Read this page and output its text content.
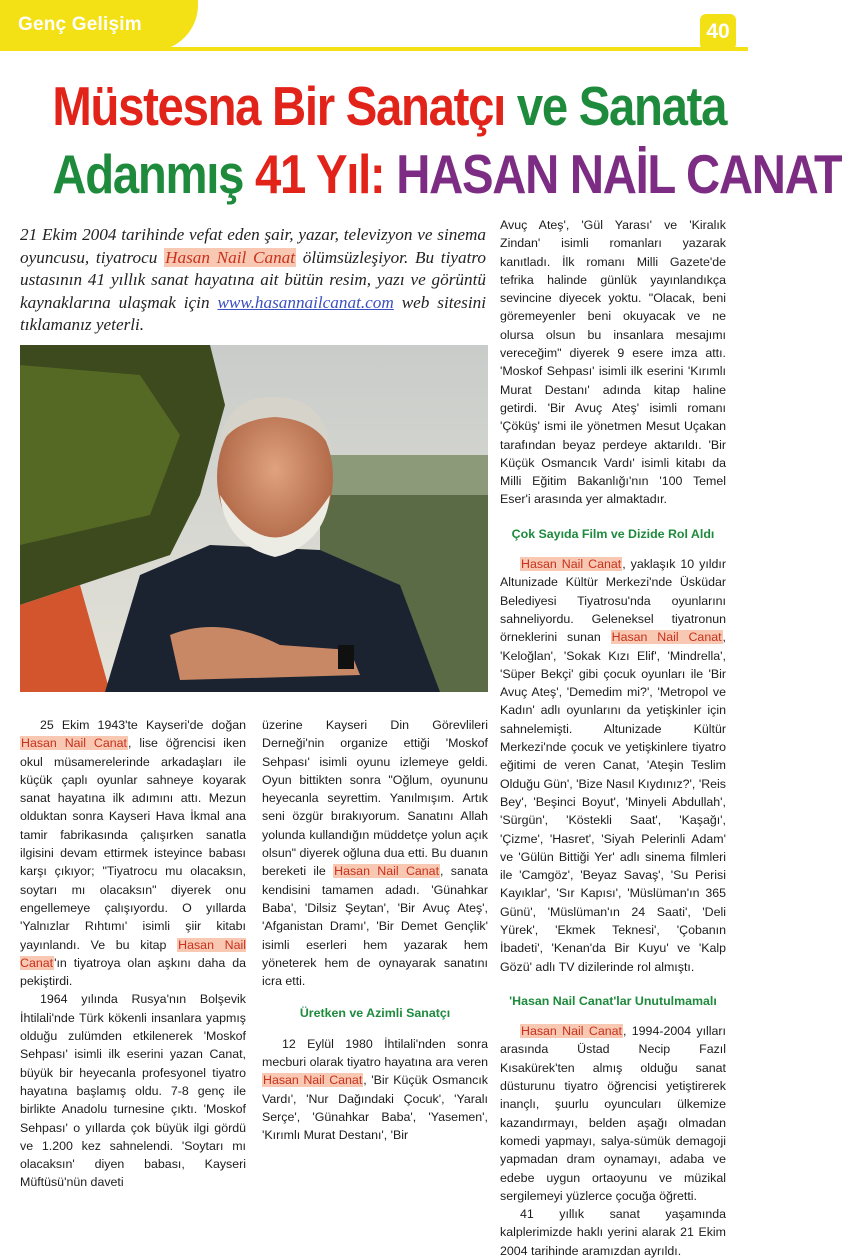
Genç Gelişim	40
Müstesna Bir Sanatçı ve Sanata
Adanmış 41 Yıl: HASAN NAİL CANAT
21 Ekim 2004 tarihinde vefat eden şair, yazar, televizyon ve sinema oyuncusu, tiyatrocu Hasan Nail Canat ölümsüzleşiyor. Bu tiyatro ustasının 41 yıllık sanat hayatına ait bütün resim, yazı ve görüntü kaynaklarına ulaşmak için www.hasannailcanat.com web sitesini tıklamanız yeterli.

25 Ekim 1943'te Kayseri'de doğan Hasan Nail Canat, lise öğrencisi iken okul müsamerelerinde arkadaşları ile küçük çaplı oyunlar sahneye koyarak sanat hayatına ilk adımını attı. Mezun olduktan sonra Kayseri Hava İkmal ana tamir fabrikasında çalışırken sanatla ilgisini devam ettirmek isteyince babası karşı çıkıyor; "Tiyatrocu mu olacaksın, soytarı mı olacaksın" diyerek onu engellemeye çalışıyordu. O yıllarda 'Yalnızlar Rıhtımı' isimli şiir kitabı yayınlandı. Ve bu kitap Hasan Nail Canat'ın tiyatroya olan aşkını daha da pekiştirdi.

1964 yılında Rusya'nın Bolşevik İhtilali'nde Türk kökenli insanlara yapmış olduğu zulümden etkilenerek 'Moskof Sehpası' isimli ilk eserini yazan Canat, büyük bir heyecanla profesyonel tiyatro hayatına başlamış oldu. 7-8 genç ile birlikte Anadolu turnesine çıktı. 'Moskof Sehpası' o yıllarda çok büyük ilgi gördü ve 1.200 kez sahnelendi. 'Soytarı mı olacaksın' diyen babası, Kayseri Müftüsü'nün daveti

üzerine Kayseri Din Görevlileri Derneği'nin organize ettiği 'Moskof Sehpası' isimli oyunu izlemeye geldi. Oyun bittikten sonra "Oğlum, oyununu heyecanla seyrettim. Yanılmışım. Artık seni özgür bırakıyorum. Sanatını Allah yolunda kullandığın müddetçe yolun açık olsun" diyerek oğluna dua etti. Bu duanın bereketi ile Hasan Nail Canat, sanata kendisini tamamen adadı. 'Günahkar Baba', 'Dilsiz Şeytan', 'Bir Avuç Ateş', 'Afganistan Dramı', 'Bir Demet Gençlik' isimli eserleri hem yazarak hem yöneterek hem de oynayarak sanatını icra etti.

Üretken ve Azimli Sanatçı

12 Eylül 1980 İhtilali'nden sonra mecburi olarak tiyatro hayatına ara veren Hasan Nail Canat, 'Bir Küçük Osmancık Vardı', 'Nur Dağındaki Çocuk', 'Yaralı Serçe', 'Günahkar Baba', 'Yasemen', 'Kırımlı Murat Destanı', 'Bir

Avuç Ateş', 'Gül Yarası' ve 'Kiralık Zindan' isimli romanları yazarak kanıtladı. İlk romanı Milli Gazete'de tefrika halinde günlük yayınlandıkça sevincine diyecek yoktu. "Olacak, beni göremeyenler beni okuyacak ve ne olursa olsun bu insanlara mesajımı vereceğim" diyerek 9 esere imza attı. 'Moskof Sehpası' isimli ilk eserini 'Kırımlı Murat Destanı' adında kitap haline getirdi. 'Bir Avuç Ateş' isimli romanı 'Çöküş' ismi ile yönetmen Mesut Uçakan tarafından beyaz perdeye aktarıldı. 'Bir Küçük Osmancık Vardı' isimli kitabı da Milli Eğitim Bakanlığı'nın '100 Temel Eser'i arasında yer almaktadır.

Çok Sayıda Film ve Dizide Rol Aldı

Hasan Nail Canat, yaklaşık 10 yıldır Altunizade Kültür Merkezi'nde Üsküdar Belediyesi Tiyatrosu'nda oyunlarını sahneliyordu. Geleneksel tiyatronun örneklerini sunan Hasan Nail Canat, 'Keloğlan', 'Sokak Kızı Elif', 'Mindrella', 'Süper Bekçi' gibi çocuk oyunları ile 'Bir Avuç Ateş', 'Demedim mi?', 'Metropol ve Kadın' adlı oyunlarını da yetişkinler için sahnelemişti. Altunizade Kültür Merkezi'nde çocuk ve yetişkinlere tiyatro eğitimi de veren Canat, 'Ateşin Teslim Olduğu Gün', 'Bize Nasıl Kıydınız?', 'Reis Bey', 'Beşinci Boyut', 'Minyeli Abdullah', 'Sürgün', 'Köstekli Saat', 'Kaşağı', 'Çizme', 'Hasret', 'Siyah Pelerinli Adam' ve 'Gülün Bittiği Yer' adlı sinema filmleri ile 'Camgöz', 'Beyaz Savaş', 'Su Perisi Kayıklar', 'Sır Kapısı', 'Müslüman'ın 365 Günü', 'Müslüman'ın 24 Saati', 'Deli Yürek', 'Ekmek Teknesi', 'Çobanın İbadeti', 'Kenan'da Bir Kuyu' ve 'Kalp Gözü' adlı TV dizilerinde rol almıştı.

'Hasan Nail Canat'lar Unutulmamalı

Hasan Nail Canat, 1994-2004 yılları arasında Üstad Necip Fazıl Kısakürek'ten almış olduğu sanat düsturunu tiyatro öğrencisi yetiştirerek inançlı, şuurlu oyuncuları ülkemize kazandırmayı, belden aşağı olmadan komedi yapmayı, salya-sümük demagoji yapmadan dram oynamayı, adaba ve edebe uygun ortaoyunu ve müzikal sergilemeyi yüzlerce çocuğa öğretti.

41 yıllık sanat yaşamında kalplerimizde haklı yerini alarak 21 Ekim 2004 tarihinde aramızdan ayrıldı.
